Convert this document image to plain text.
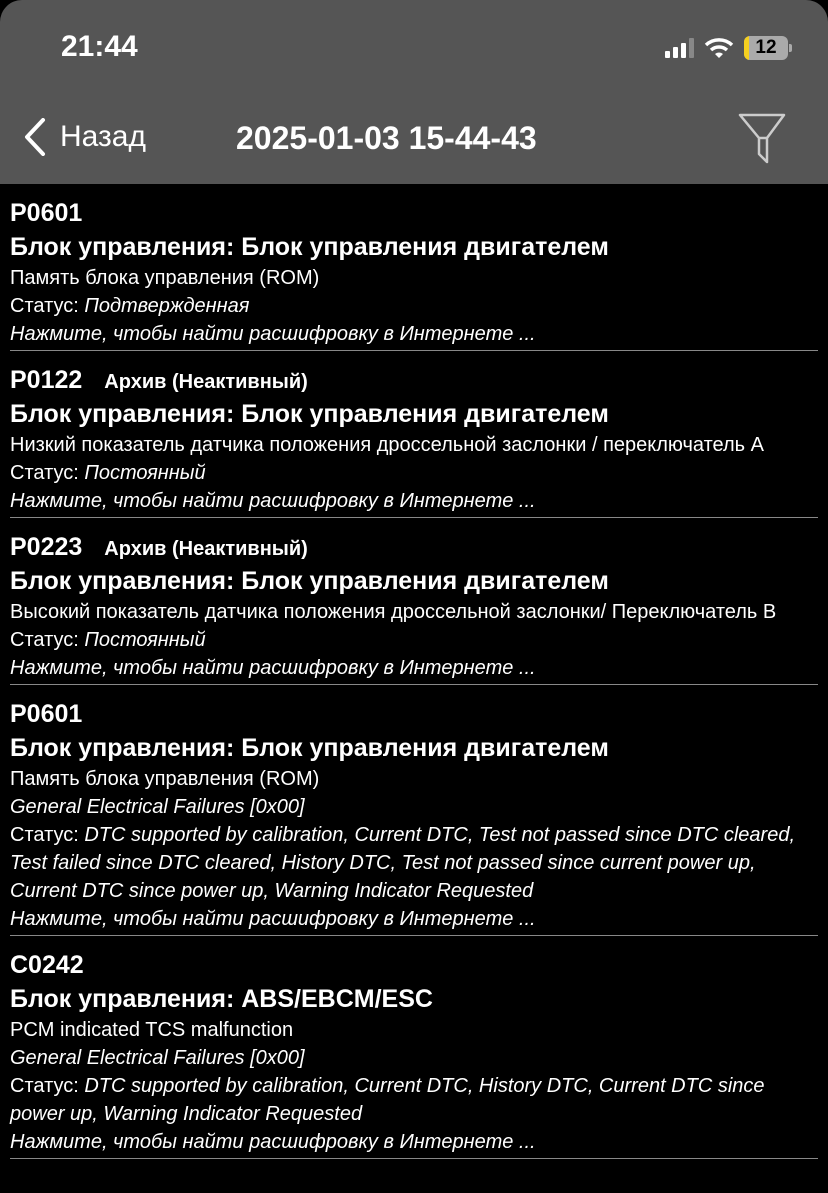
21:44	12
Назад	2025-01-03 15-44-43
P0601
Блок управления: Блок управления двигателем
Память блока управления (ROM)
Статус: Подтвержденная
Нажмите, чтобы найти расшифровку в Интернете ...
P0122 Архив (Неактивный)
Блок управления: Блок управления двигателем
Низкий показатель датчика положения дроссельной заслонки / переключатель A
Статус: Постоянный
Нажмите, чтобы найти расшифровку в Интернете ...
P0223 Архив (Неактивный)
Блок управления: Блок управления двигателем
Высокий показатель датчика положения дроссельной заслонки/ Переключатель B
Статус: Постоянный
Нажмите, чтобы найти расшифровку в Интернете ...
P0601
Блок управления: Блок управления двигателем
Память блока управления (ROM)
General Electrical Failures [0x00]
Статус: DTC supported by calibration, Current DTC, Test not passed since DTC cleared, Test failed since DTC cleared, History DTC, Test not passed since current power up, Current DTC since power up, Warning Indicator Requested
Нажмите, чтобы найти расшифровку в Интернете ...
C0242
Блок управления: ABS/EBCM/ESC
PCM indicated TCS malfunction
General Electrical Failures [0x00]
Статус: DTC supported by calibration, Current DTC, History DTC, Current DTC since power up, Warning Indicator Requested
Нажмите, чтобы найти расшифровку в Интернете ...
